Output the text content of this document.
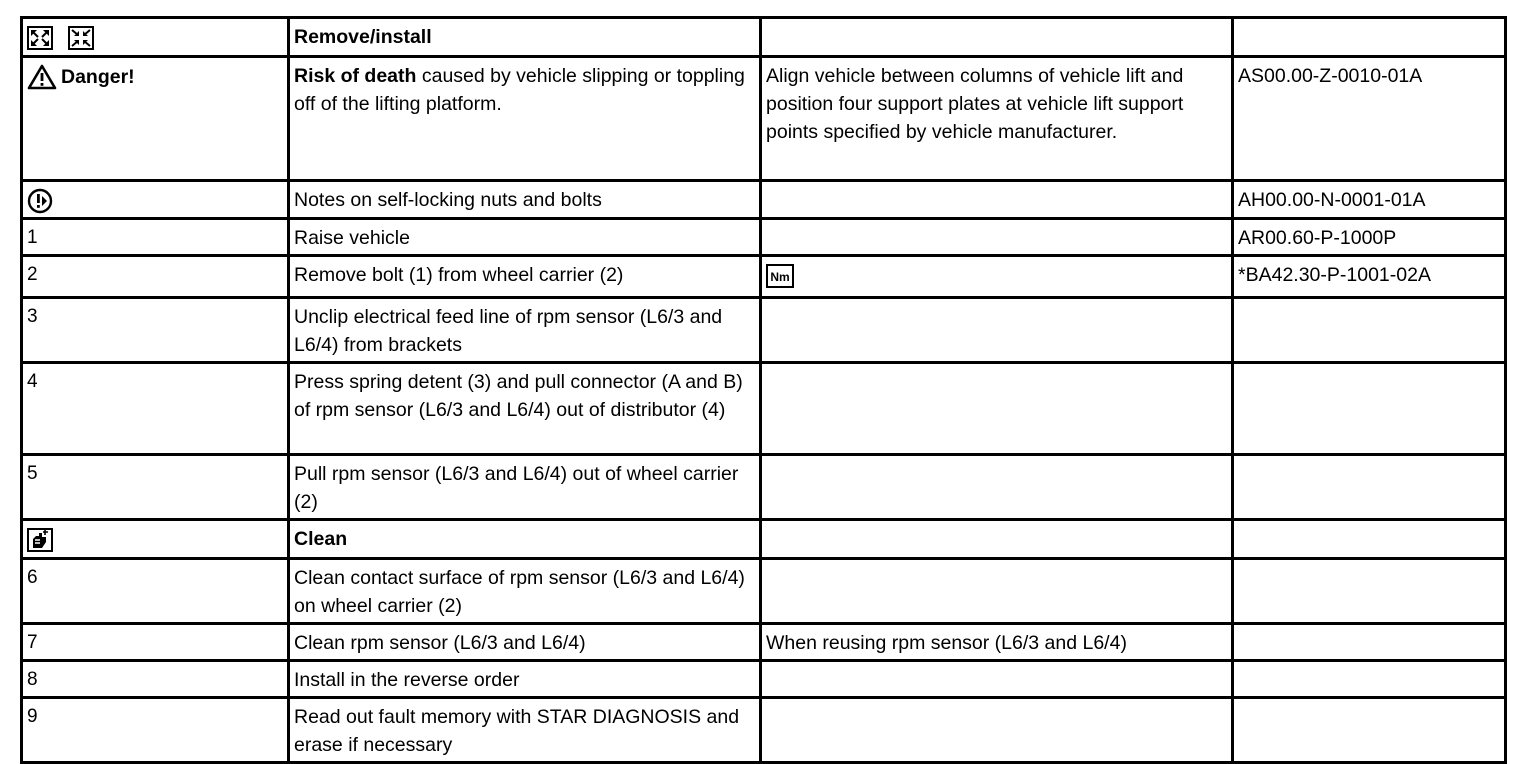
	Remove/install		

Danger!	Risk of death caused by vehicle slipping or toppling off of the lifting platform.	Align vehicle between columns of vehicle lift and position four support plates at vehicle lift support points specified by vehicle manufacturer.	AS00.00-Z-0010-01A

	Notes on self-locking nuts and bolts		AH00.00-N-0001-01A
1	Raise vehicle		AR00.60-P-1000P
2	Remove bolt (1) from wheel carrier (2)	Nm	*BA42.30-P-1001-02A
3	Unclip electrical feed line of rpm sensor (L6/3 and L6/4) from brackets		
4	Press spring detent (3) and pull connector (A and B) of rpm sensor (L6/3 and L6/4) out of distributor (4)		
5	Pull rpm sensor (L6/3 and L6/4) out of wheel carrier (2)		

	Clean		
6	Clean contact surface of rpm sensor (L6/3 and L6/4) on wheel carrier (2)		
7	Clean rpm sensor (L6/3 and L6/4)	When reusing rpm sensor (L6/3 and L6/4)	
8	Install in the reverse order		
9	Read out fault memory with STAR DIAGNOSIS and erase if necessary		
